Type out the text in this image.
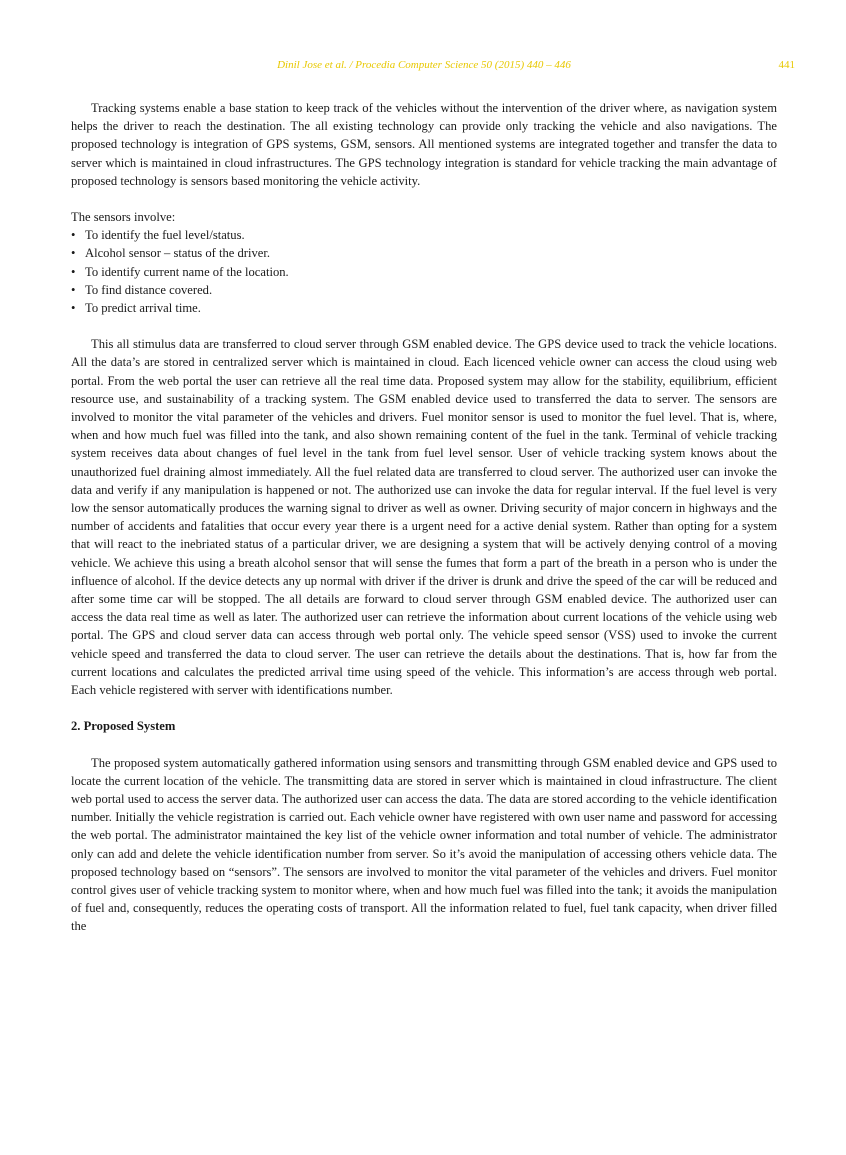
Dinil Jose et al. / Procedia Computer Science 50 (2015) 440 – 446	441

Tracking systems enable a base station to keep track of the vehicles without the intervention of the driver where, as navigation system helps the driver to reach the destination. The all existing technology can provide only tracking the vehicle and also navigations. The proposed technology is integration of GPS systems, GSM, sensors. All mentioned systems are integrated together and transfer the data to server which is maintained in cloud infrastructures. The GPS technology integration is standard for vehicle tracking the main advantage of proposed technology is sensors based monitoring the vehicle activity.

The sensors involve:

• To identify the fuel level/status.
• Alcohol sensor – status of the driver.
• To identify current name of the location.
• To find distance covered.
• To predict arrival time.

This all stimulus data are transferred to cloud server through GSM enabled device. The GPS device used to track the vehicle locations. All the data’s are stored in centralized server which is maintained in cloud. Each licenced vehicle owner can access the cloud using web portal. From the web portal the user can retrieve all the real time data. Proposed system may allow for the stability, equilibrium, efficient resource use, and sustainability of a tracking system. The GSM enabled device used to transferred the data to server. The sensors are involved to monitor the vital parameter of the vehicles and drivers. Fuel monitor sensor is used to monitor the fuel level. That is, where, when and how much fuel was filled into the tank, and also shown remaining content of the fuel in the tank. Terminal of vehicle tracking system receives data about changes of fuel level in the tank from fuel level sensor. User of vehicle tracking system knows about the unauthorized fuel draining almost immediately. All the fuel related data are transferred to cloud server. The authorized user can invoke the data and verify if any manipulation is happened or not. The authorized use can invoke the data for regular interval. If the fuel level is very low the sensor automatically produces the warning signal to driver as well as owner. Driving security of major concern in highways and the number of accidents and fatalities that occur every year there is a urgent need for a active denial system. Rather than opting for a system that will react to the inebriated status of a particular driver, we are designing a system that will be actively denying control of a moving vehicle. We achieve this using a breath alcohol sensor that will sense the fumes that form a part of the breath in a person who is under the influence of alcohol. If the device detects any up normal with driver if the driver is drunk and drive the speed of the car will be reduced and after some time car will be stopped. The all details are forward to cloud server through GSM enabled device. The authorized user can access the data real time as well as later. The authorized user can retrieve the information about current locations of the vehicle using web portal. The GPS and cloud server data can access through web portal only. The vehicle speed sensor (VSS) used to invoke the current vehicle speed and transferred the data to cloud server. The user can retrieve the details about the destinations. That is, how far from the current locations and calculates the predicted arrival time using speed of the vehicle. This information’s are access through web portal. Each vehicle registered with server with identifications number.

2. Proposed System

The proposed system automatically gathered information using sensors and transmitting through GSM enabled device and GPS used to locate the current location of the vehicle. The transmitting data are stored in server which is maintained in cloud infrastructure. The client web portal used to access the server data. The authorized user can access the data. The data are stored according to the vehicle identification number. Initially the vehicle registration is carried out. Each vehicle owner have registered with own user name and password for accessing the web portal. The administrator maintained the key list of the vehicle owner information and total number of vehicle. The administrator only can add and delete the vehicle identification number from server. So it’s avoid the manipulation of accessing others vehicle data. The proposed technology based on “sensors”. The sensors are involved to monitor the vital parameter of the vehicles and drivers. Fuel monitor control gives user of vehicle tracking system to monitor where, when and how much fuel was filled into the tank; it avoids the manipulation of fuel and, consequently, reduces the operating costs of transport. All the information related to fuel, fuel tank capacity, when driver filled the
